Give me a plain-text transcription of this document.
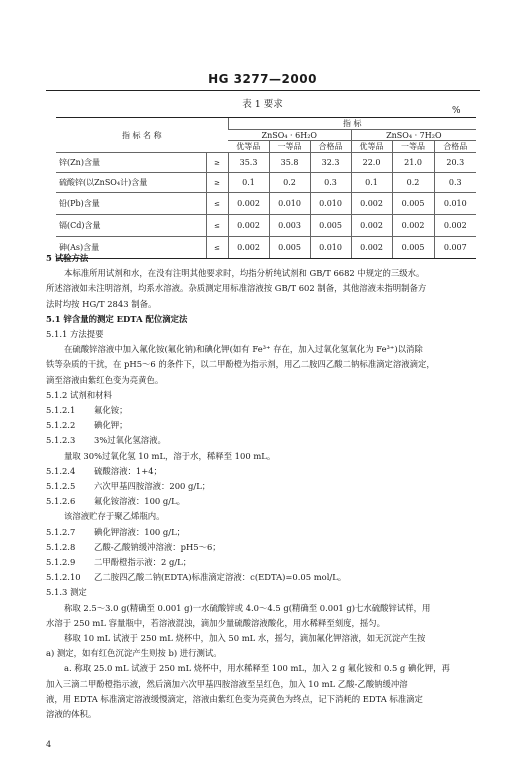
HG 3277—2000
表 1 要求
%
指 标 名 称		指 标					
		ZnSO₄ · 6H₂O			ZnSO₄ · 7H₂O		
		优等品	一等品	合格品	优等品	一等品	合格品
锌(Zn)含量	≥	35.3	35.8	32.3	22.0	21.0	20.3
硫酸锌(以ZnSO₄计)含量	≥	0.1	0.2	0.3	0.1	0.2	0.3
铅(Pb)含量	≤	0.002	0.010	0.010	0.002	0.005	0.010
镉(Cd)含量	≤	0.002	0.003	0.005	0.002	0.002	0.002
砷(As)含量	≤	0.002	0.005	0.010	0.002	0.005	0.007
5 试验方法
本标准所用试剂和水，在没有注明其他要求时，均指分析纯试剂和 GB/T 6682 中规定的三级水。
所述溶液如未注明溶剂，均系水溶液。杂质测定用标准溶液按 GB/T 602 制备，其他溶液未指明制备方
法时均按 HG/T 2843 制备。
5.1 锌含量的测定 EDTA 配位滴定法
5.1.1 方法提要
在硫酸锌溶液中加入氟化铵(氟化钠)和碘化钾(如有 Fe³⁺ 存在，加入过氧化氢氧化为 Fe³⁺)以消除
铁等杂质的干扰，在 pH5～6 的条件下，以二甲酚橙为指示剂，用乙二胺四乙酸二钠标准滴定溶液滴定，
滴至溶液由紫红色变为亮黄色。
5.1.2 试剂和材料
5.1.2.1 氟化铵；
5.1.2.2 碘化钾；
5.1.2.3 3%过氧化氢溶液。
量取 30%过氧化氢 10 mL，溶于水，稀释至 100 mL。
5.1.2.4 硫酸溶液：1+4；
5.1.2.5 六次甲基四胺溶液：200 g/L；
5.1.2.6 氟化铵溶液：100 g/L。
该溶液贮存于聚乙烯瓶内。
5.1.2.7 碘化钾溶液：100 g/L；
5.1.2.8 乙酸-乙酸钠缓冲溶液：pH5～6；
5.1.2.9 二甲酚橙指示液：2 g/L；
5.1.2.10 乙二胺四乙酸二钠(EDTA)标准滴定溶液：c(EDTA)=0.05 mol/L。
5.1.3 测定
称取 2.5～3.0 g(精确至 0.001 g)一水硫酸锌或 4.0～4.5 g(精确至 0.001 g)七水硫酸锌试样，用
水溶于 250 mL 容量瓶中，若溶液混浊，滴加少量硫酸溶液酸化，用水稀释至刻度，摇匀。
移取 10 mL 试液于 250 mL 烧杯中，加入 50 mL 水，摇匀，滴加氟化钾溶液，如无沉淀产生按
a) 测定，如有红色沉淀产生则按 b) 进行测试。
a. 称取 25.0 mL 试液于 250 mL 烧杯中，用水稀释至 100 mL，加入 2 g 氟化铵和 0.5 g 碘化钾，再
加入三滴二甲酚橙指示液，然后滴加六次甲基四胺溶液至呈红色，加入 10 mL 乙酸-乙酸钠缓冲溶
液，用 EDTA 标准滴定溶液缓慢滴定，溶液由紫红色变为亮黄色为终点，记下消耗的 EDTA 标准滴定
溶液的体积。
4
